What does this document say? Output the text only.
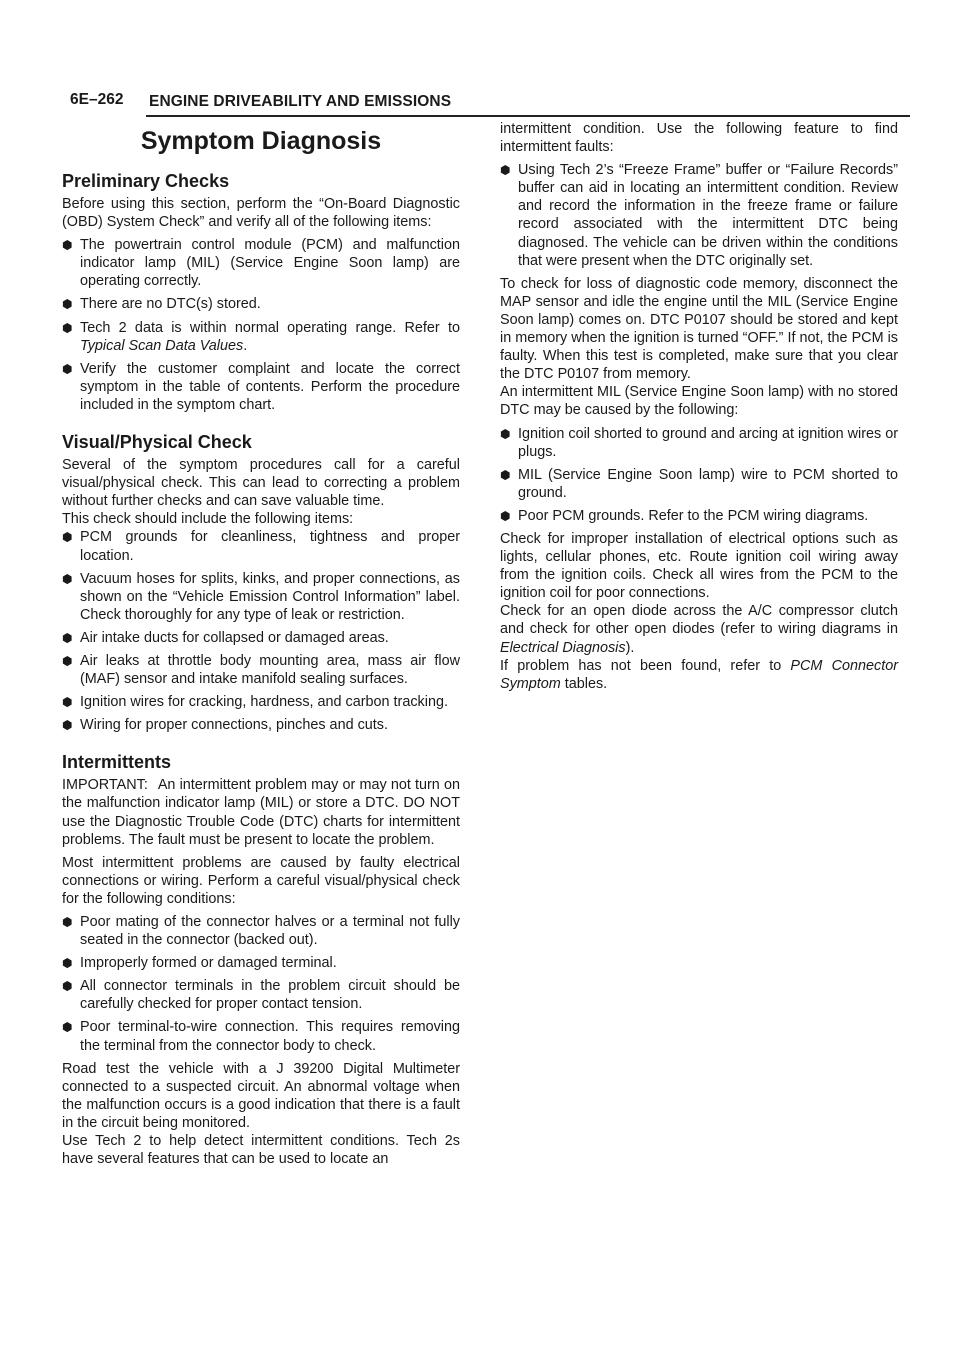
6E–262 ENGINE DRIVEABILITY AND EMISSIONS
Symptom Diagnosis
Preliminary Checks

Before using this section, perform the “On-Board Diagnostic (OBD) System Check” and verify all of the following items:

⬢ The powertrain control module (PCM) and malfunction indicator lamp (MIL) (Service Engine Soon lamp) are operating correctly.
⬢ There are no DTC(s) stored.
⬢ Tech 2 data is within normal operating range. Refer to Typical Scan Data Values.
⬢ Verify the customer complaint and locate the correct symptom in the table of contents. Perform the procedure included in the symptom chart.
Visual/Physical Check

Several of the symptom procedures call for a careful visual/physical check. This can lead to correcting a problem without further checks and can save valuable time.

This check should include the following items:

⬢ PCM grounds for cleanliness, tightness and proper location.
⬢ Vacuum hoses for splits, kinks, and proper connections, as shown on the “Vehicle Emission Control Information” label. Check thoroughly for any type of leak or restriction.
⬢ Air intake ducts for collapsed or damaged areas.
⬢ Air leaks at throttle body mounting area, mass air flow (MAF) sensor and intake manifold sealing surfaces.
⬢ Ignition wires for cracking, hardness, and carbon tracking.
⬢ Wiring for proper connections, pinches and cuts.
Intermittents

IMPORTANT: An intermittent problem may or may not turn on the malfunction indicator lamp (MIL) or store a DTC. DO NOT use the Diagnostic Trouble Code (DTC) charts for intermittent problems. The fault must be present to locate the problem.

Most intermittent problems are caused by faulty electrical connections or wiring. Perform a careful visual/physical check for the following conditions:

⬢ Poor mating of the connector halves or a terminal not fully seated in the connector (backed out).
⬢ Improperly formed or damaged terminal.
⬢ All connector terminals in the problem circuit should be carefully checked for proper contact tension.
⬢ Poor terminal-to-wire connection. This requires removing the terminal from the connector body to check.

Road test the vehicle with a J 39200 Digital Multimeter connected to a suspected circuit. An abnormal voltage when the malfunction occurs is a good indication that there is a fault in the circuit being monitored.

Use Tech 2 to help detect intermittent conditions. Tech 2s have several features that can be used to locate an

intermittent condition. Use the following feature to find intermittent faults:

⬢ Using Tech 2’s “Freeze Frame” buffer or “Failure Records” buffer can aid in locating an intermittent condition. Review and record the information in the freeze frame or failure record associated with the intermittent DTC being diagnosed. The vehicle can be driven within the conditions that were present when the DTC originally set.

To check for loss of diagnostic code memory, disconnect the MAP sensor and idle the engine until the MIL (Service Engine Soon lamp) comes on. DTC P0107 should be stored and kept in memory when the ignition is turned “OFF.” If not, the PCM is faulty. When this test is completed, make sure that you clear the DTC P0107 from memory.

An intermittent MIL (Service Engine Soon lamp) with no stored DTC may be caused by the following:

⬢ Ignition coil shorted to ground and arcing at ignition wires or plugs.
⬢ MIL (Service Engine Soon lamp) wire to PCM shorted to ground.
⬢ Poor PCM grounds. Refer to the PCM wiring diagrams.

Check for improper installation of electrical options such as lights, cellular phones, etc. Route ignition coil wiring away from the ignition coils. Check all wires from the PCM to the ignition coil for poor connections.

Check for an open diode across the A/C compressor clutch and check for other open diodes (refer to wiring diagrams in Electrical Diagnosis).

If problem has not been found, refer to PCM Connector Symptom tables.
